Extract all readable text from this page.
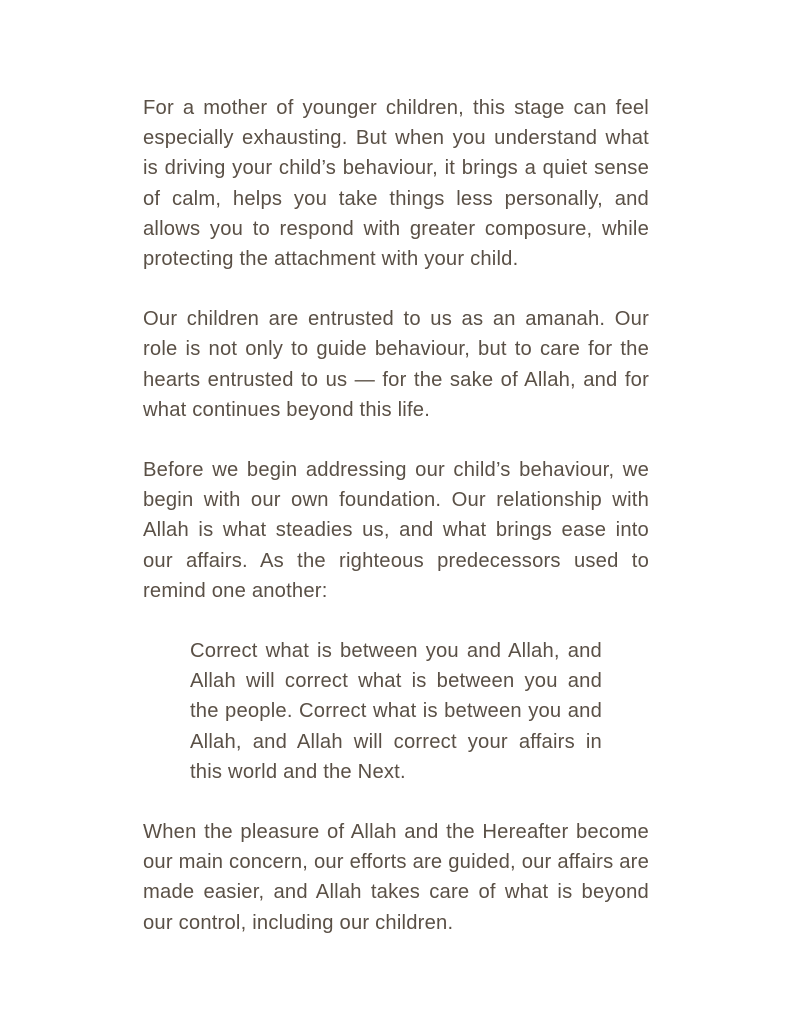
For a mother of younger children, this stage can feel especially exhausting. But when you understand what is driving your child’s behaviour, it brings a quiet sense of calm, helps you take things less personally, and allows you to respond with greater composure, while protecting the attachment with your child.

Our children are entrusted to us as an amanah. Our role is not only to guide behaviour, but to care for the hearts entrusted to us — for the sake of Allah, and for what continues beyond this life.

Before we begin addressing our child’s behaviour, we begin with our own foundation. Our relationship with Allah is what steadies us, and what brings ease into our affairs. As the righteous predecessors used to remind one another:

Correct what is between you and Allah, and Allah will correct what is between you and the people. Correct what is between you and Allah, and Allah will correct your affairs in this world and the Next.

When the pleasure of Allah and the Hereafter become our main concern, our efforts are guided, our affairs are made easier, and Allah takes care of what is beyond our control, including our children.
